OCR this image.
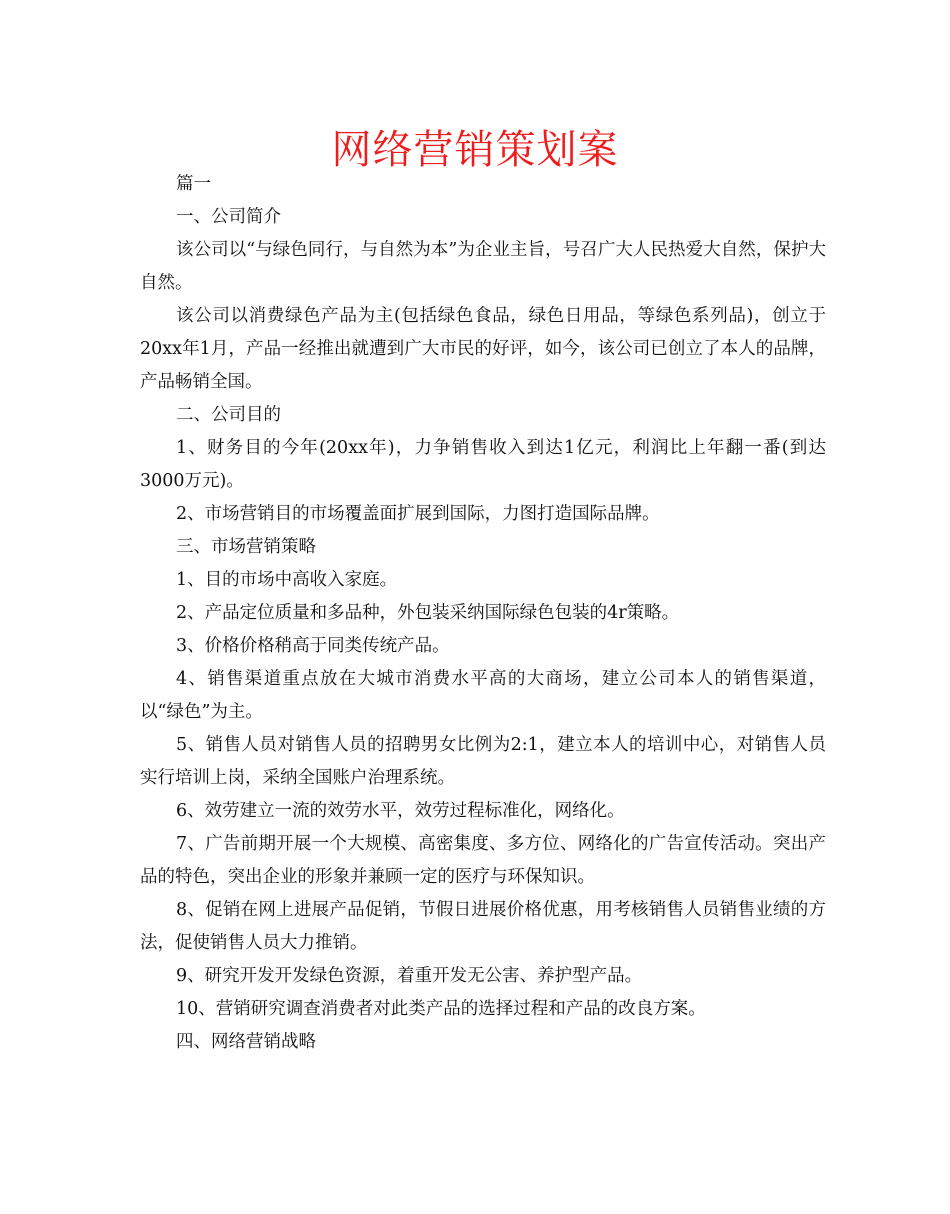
网络营销策划案

篇一

一、公司简介

该公司以“与绿色同行，与自然为本”为企业主旨，号召广大人民热爱大自然，保护大自然。

该公司以消费绿色产品为主(包括绿色食品，绿色日用品，等绿色系列品)，创立于20xx年1月，产品一经推出就遭到广大市民的好评，如今，该公司已创立了本人的品牌，产品畅销全国。

二、公司目的

1、财务目的今年(20xx年)，力争销售收入到达1亿元，利润比上年翻一番(到达3000万元)。

2、市场营销目的市场覆盖面扩展到国际，力图打造国际品牌。

三、市场营销策略

1、目的市场中高收入家庭。

2、产品定位质量和多品种，外包装采纳国际绿色包装的4r策略。

3、价格价格稍高于同类传统产品。

4、销售渠道重点放在大城市消费水平高的大商场，建立公司本人的销售渠道，以“绿色”为主。

5、销售人员对销售人员的招聘男女比例为2:1，建立本人的培训中心，对销售人员实行培训上岗，采纳全国账户治理系统。

6、效劳建立一流的效劳水平，效劳过程标准化，网络化。

7、广告前期开展一个大规模、高密集度、多方位、网络化的广告宣传活动。突出产品的特色，突出企业的形象并兼顾一定的医疗与环保知识。

8、促销在网上进展产品促销，节假日进展价格优惠，用考核销售人员销售业绩的方法，促使销售人员大力推销。

9、研究开发开发绿色资源，着重开发无公害、养护型产品。

10、营销研究调查消费者对此类产品的选择过程和产品的改良方案。

四、网络营销战略
